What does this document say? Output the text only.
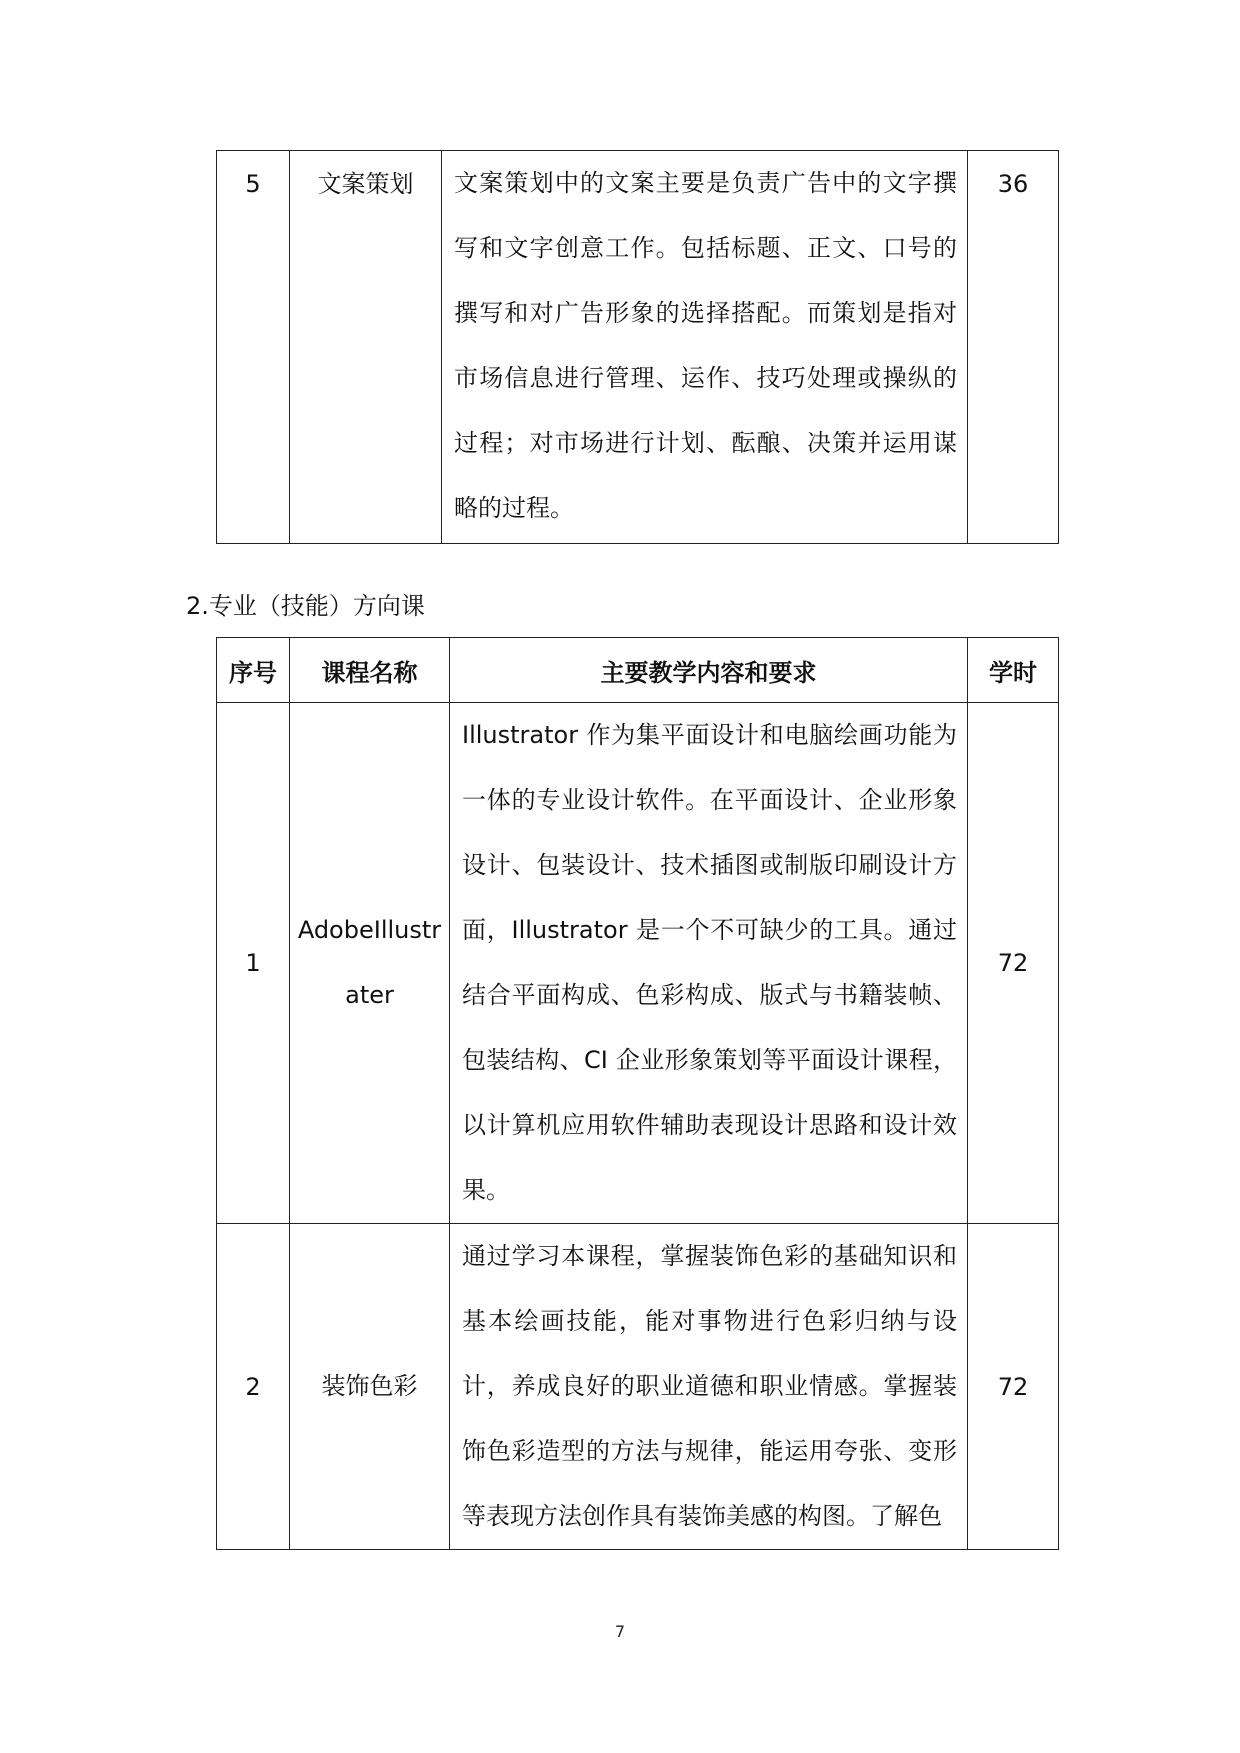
5	文案策划	文案策划中的文案主要是负责广告中的文字撰写和文字创意工作。包括标题、正文、口号的撰写和对广告形象的选择搭配。而策划是指对市场信息进行管理、运作、技巧处理或操纵的过程；对市场进行计划、酝酿、决策并运用谋略的过程。	36
2.专业（技能）方向课
序号	课程名称	主要教学内容和要求	学时
1	AdobeIllustrater	Illustrator 作为集平面设计和电脑绘画功能为一体的专业设计软件。在平面设计、企业形象设计、包装设计、技术插图或制版印刷设计方面，Illustrator 是一个不可缺少的工具。通过结合平面构成、色彩构成、版式与书籍装帧、包装结构、CI 企业形象策划等平面设计课程，以计算机应用软件辅助表现设计思路和设计效果。	72
2	装饰色彩	通过学习本课程，掌握装饰色彩的基础知识和基本绘画技能，能对事物进行色彩归纳与设计，养成良好的职业道德和职业情感。掌握装饰色彩造型的方法与规律，能运用夸张、变形等表现方法创作具有装饰美感的构图。了解色	72
7
